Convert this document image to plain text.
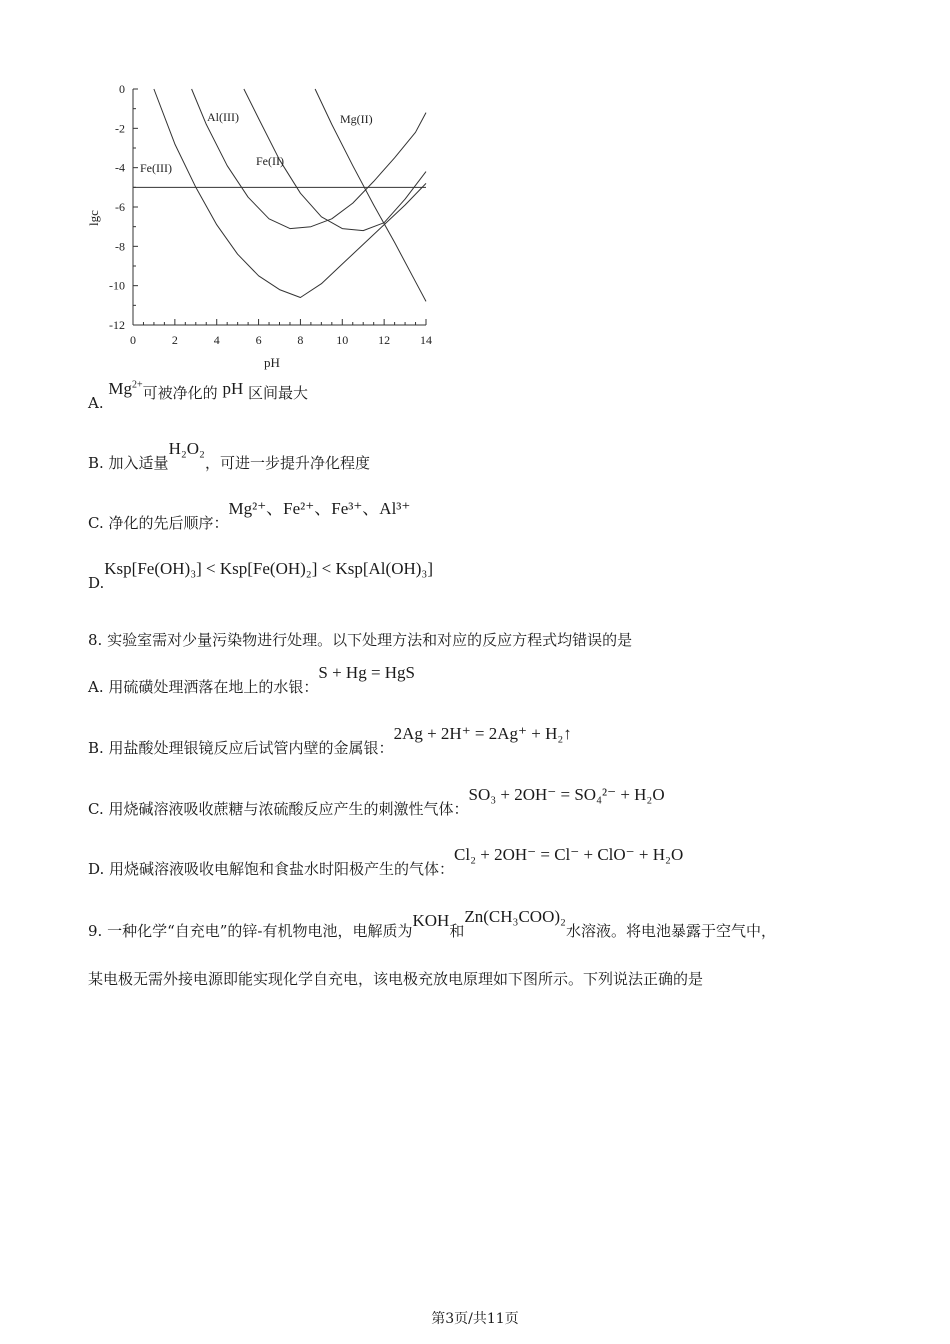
0
-2
-4
-6
-8
-10
-12
0	2	4	6	8	10 12 14
lgc
pH
Fe(III)
Al(III)
Fe(II)
Mg(II)
A. $Mg^{2+}$可被净化的 pH 区间最大
B. 加入适量H₂O₂，可进一步提升净化程度
C. 净化的先后顺序：Mg²⁺、Fe²⁺、Fe³⁺、Al³⁺
D.Ksp[Fe(OH)₃] < Ksp[Fe(OH)₂] < Ksp[Al(OH)₃]
8. 实验室需对少量污染物进行处理。以下处理方法和对应的反应方程式均错误的是
A. 用硫磺处理洒落在地上的水银：S + Hg = HgS
B. 用盐酸处理银镜反应后试管内壁的金属银：2Ag + 2H⁺ = 2Ag⁺ + H₂↑
C. 用烧碱溶液吸收蔗糖与浓硫酸反应产生的刺激性气体：SO₃ + 2OH⁻ = SO₄²⁻ + H₂O
D. 用烧碱溶液吸收电解饱和食盐水时阳极产生的气体：Cl₂ + 2OH⁻ = Cl⁻ + ClO⁻ + H₂O
9. 一种化学“自充电”的锌-有机物电池，电解质为KOH和Zn(CH₃COO)₂水溶液。将电池暴露于空气中，
某电极无需外接电源即能实现化学自充电，该电极充放电原理如下图所示。下列说法正确的是
第3页/共11页
